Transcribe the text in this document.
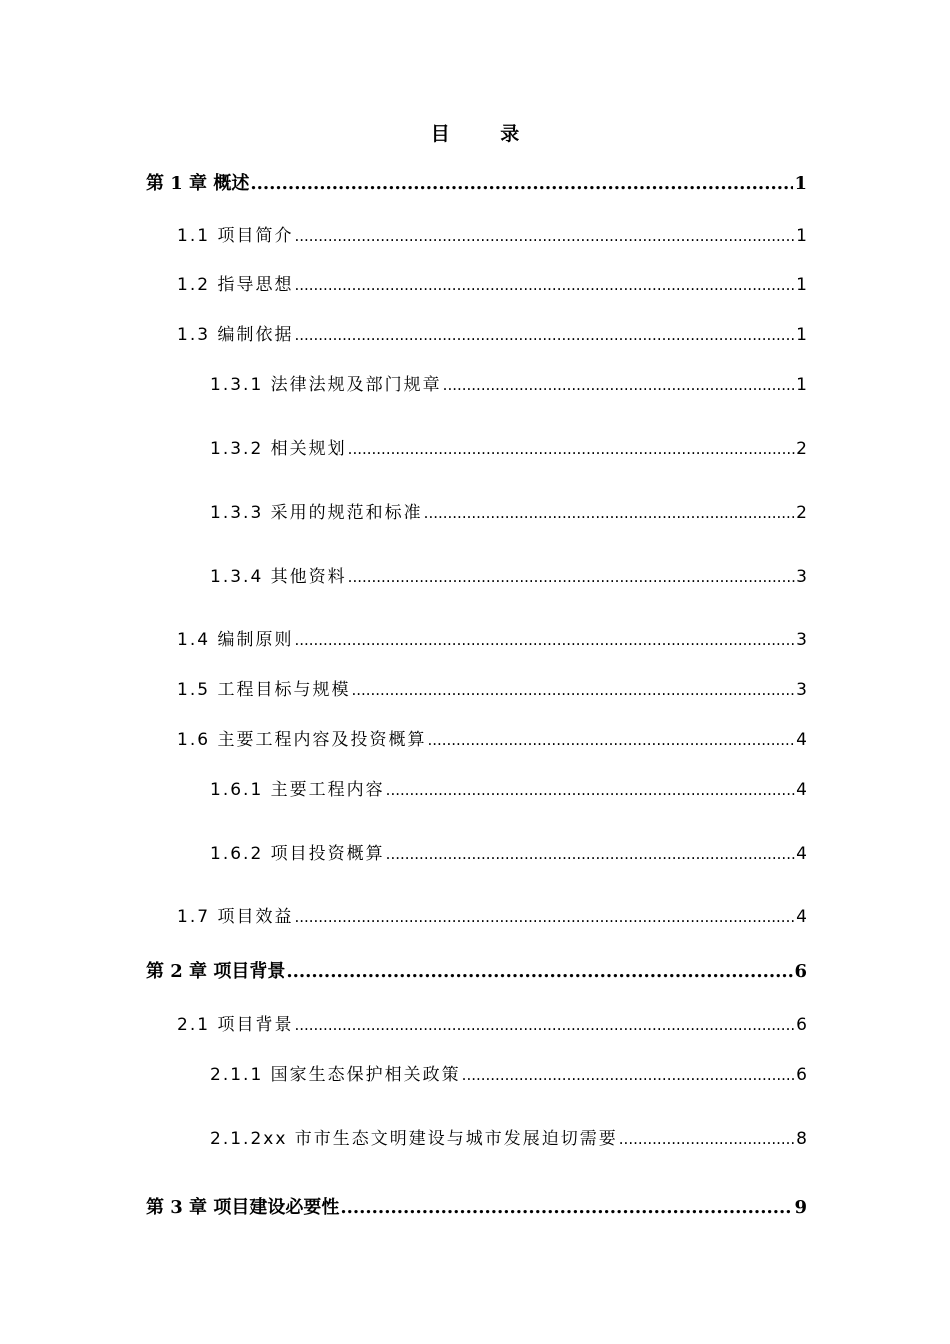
目 录
第 1 章 概述 .....	1
1.1 项目简介 .....	1
1.2 指导思想 .....	1
1.3 编制依据 .....	1
1.3.1 法律法规及部门规章 .....	1
1.3.2 相关规划 .....	2
1.3.3 采用的规范和标准 .....	2
1.3.4 其他资料 .....	3
1.4 编制原则 .....	3
1.5 工程目标与规模 .....	3
1.6 主要工程内容及投资概算 .....	4
1.6.1 主要工程内容 .....	4
1.6.2 项目投资概算 .....	4
1.7 项目效益 .....	4
第 2 章 项目背景 .....	6
2.1 项目背景 .....	6
2.1.1 国家生态保护相关政策 .....	6
2.1.2xx 市市生态文明建设与城市发展迫切需要 .....	8
第 3 章 项目建设必要性 .....	9
